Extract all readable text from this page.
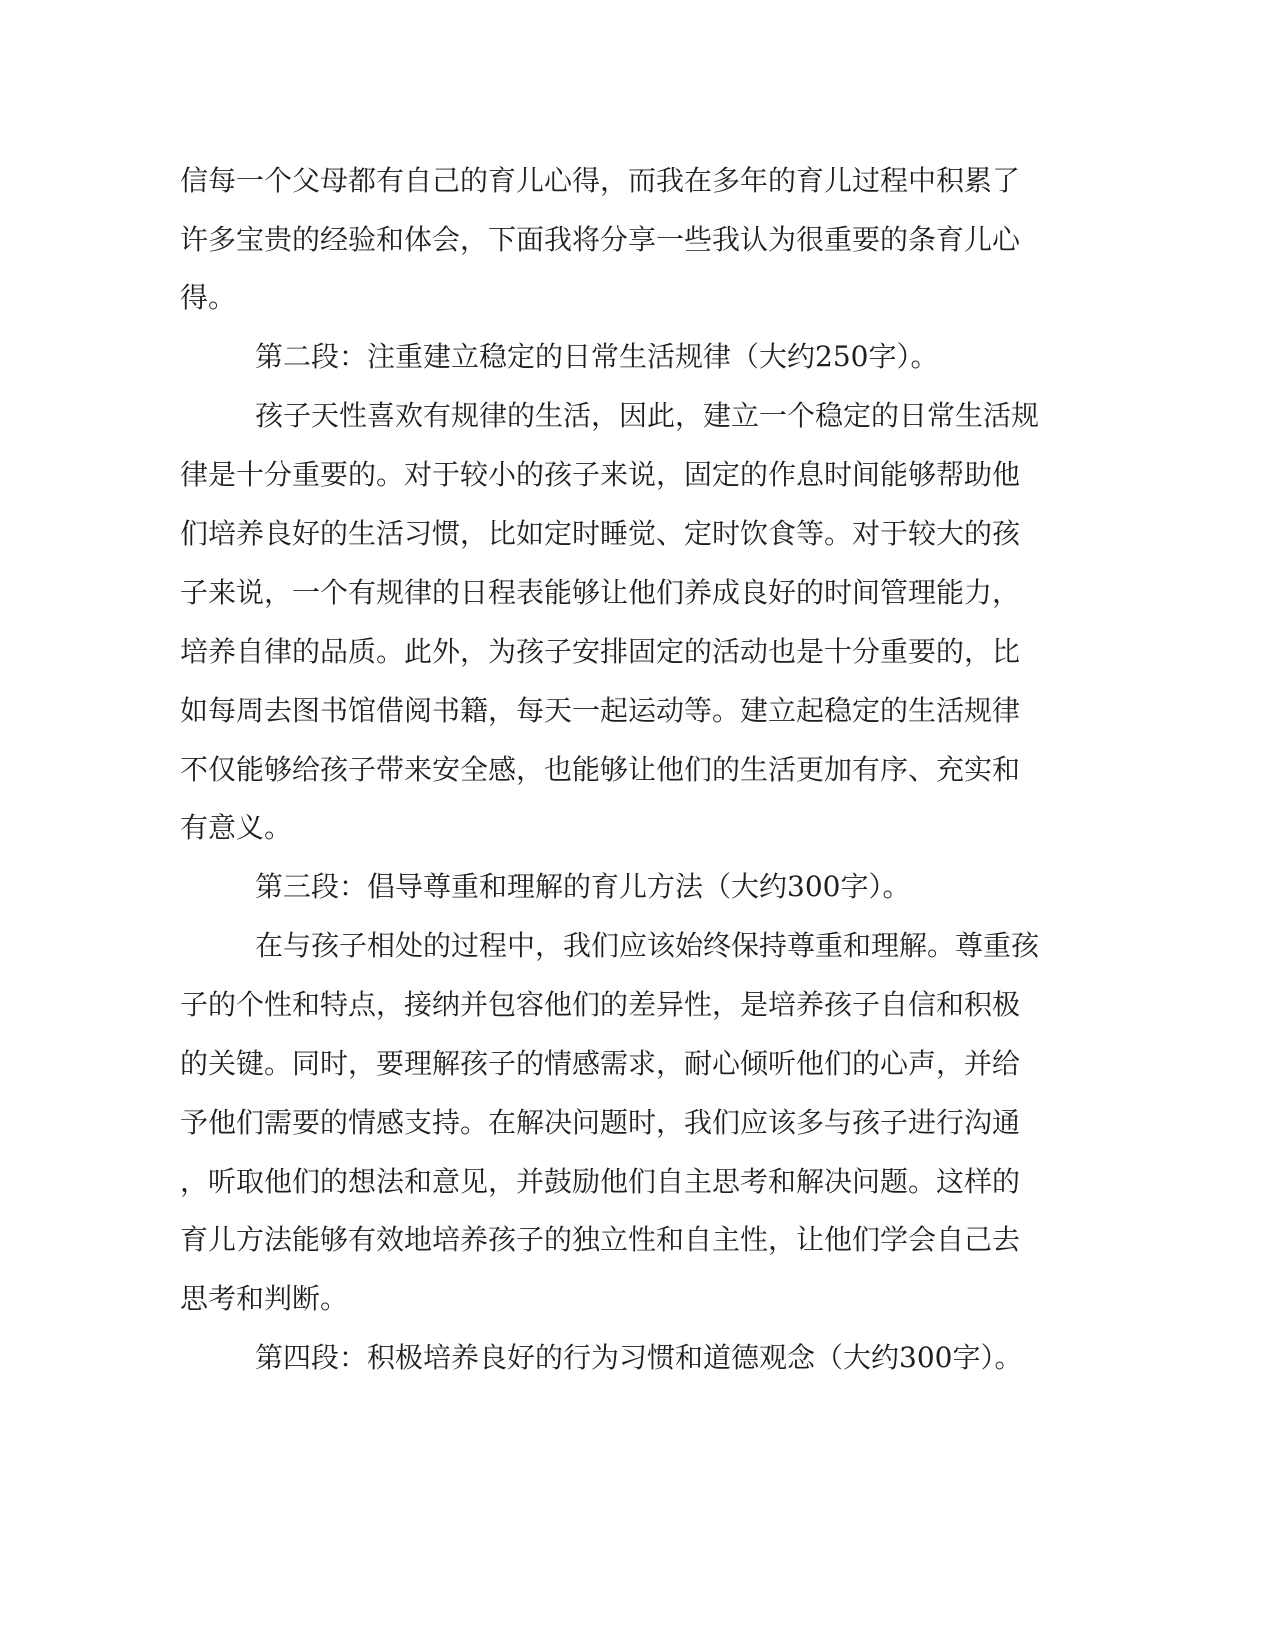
信每一个父母都有自己的育儿心得，而我在多年的育儿过程中积累了
许多宝贵的经验和体会，下面我将分享一些我认为很重要的条育儿心
得。
第二段：注重建立稳定的日常生活规律（大约250字）。
孩子天性喜欢有规律的生活，因此，建立一个稳定的日常生活规
律是十分重要的。对于较小的孩子来说，固定的作息时间能够帮助他
们培养良好的生活习惯，比如定时睡觉、定时饮食等。对于较大的孩
子来说，一个有规律的日程表能够让他们养成良好的时间管理能力，
培养自律的品质。此外，为孩子安排固定的活动也是十分重要的，比
如每周去图书馆借阅书籍，每天一起运动等。建立起稳定的生活规律
不仅能够给孩子带来安全感，也能够让他们的生活更加有序、充实和
有意义。
第三段：倡导尊重和理解的育儿方法（大约300字）。
在与孩子相处的过程中，我们应该始终保持尊重和理解。尊重孩
子的个性和特点，接纳并包容他们的差异性，是培养孩子自信和积极
的关键。同时，要理解孩子的情感需求，耐心倾听他们的心声，并给
予他们需要的情感支持。在解决问题时，我们应该多与孩子进行沟通
，听取他们的想法和意见，并鼓励他们自主思考和解决问题。这样的
育儿方法能够有效地培养孩子的独立性和自主性，让他们学会自己去
思考和判断。
第四段：积极培养良好的行为习惯和道德观念（大约300字）。
